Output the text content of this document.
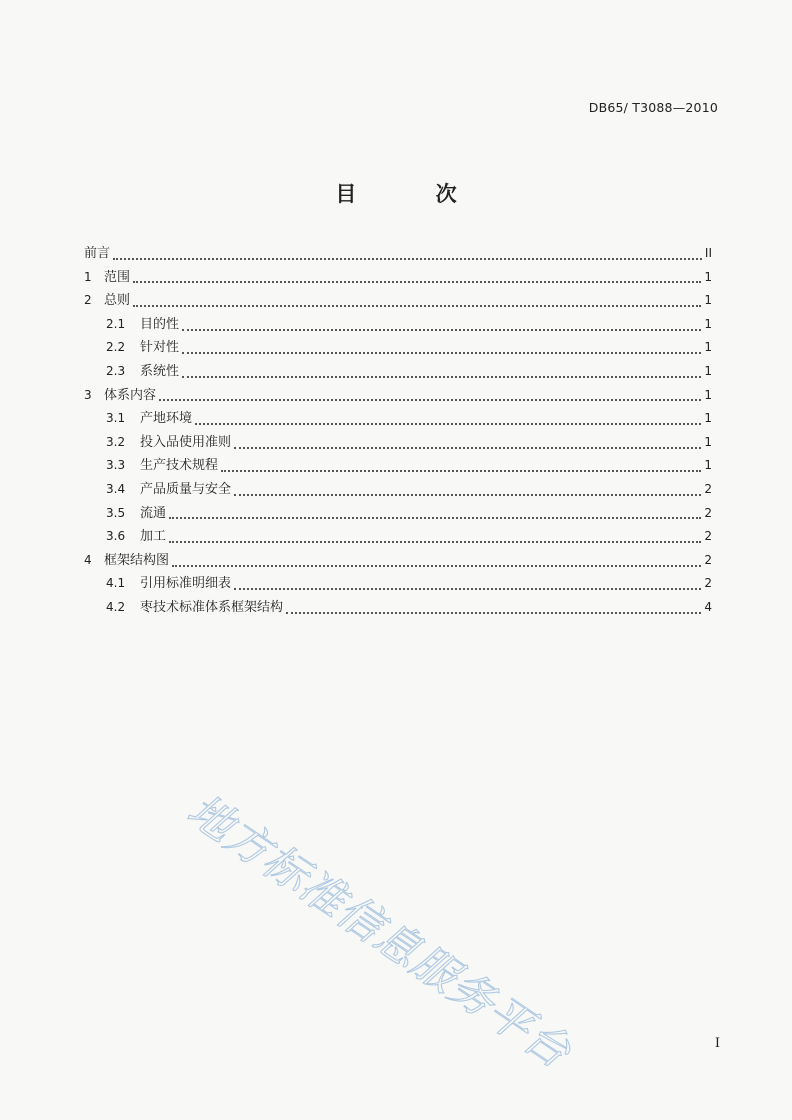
DB65/ T3088—2010
目 次
前言	II
1 范围	1
2 总则	1
2.1	目的性	1
2.2	针对性	1
2.3	系统性	1
3 体系内容	1
3.1	产地环境	1
3.2	投入品使用准则	1
3.3	生产技术规程	1
3.4	产品质量与安全	2
3.5	流通	2
3.6	加工	2
4 框架结构图	2
4.1	引用标准明细表	2
4.2	枣技术标准体系框架结构	4
地方标准信息服务平台	I
